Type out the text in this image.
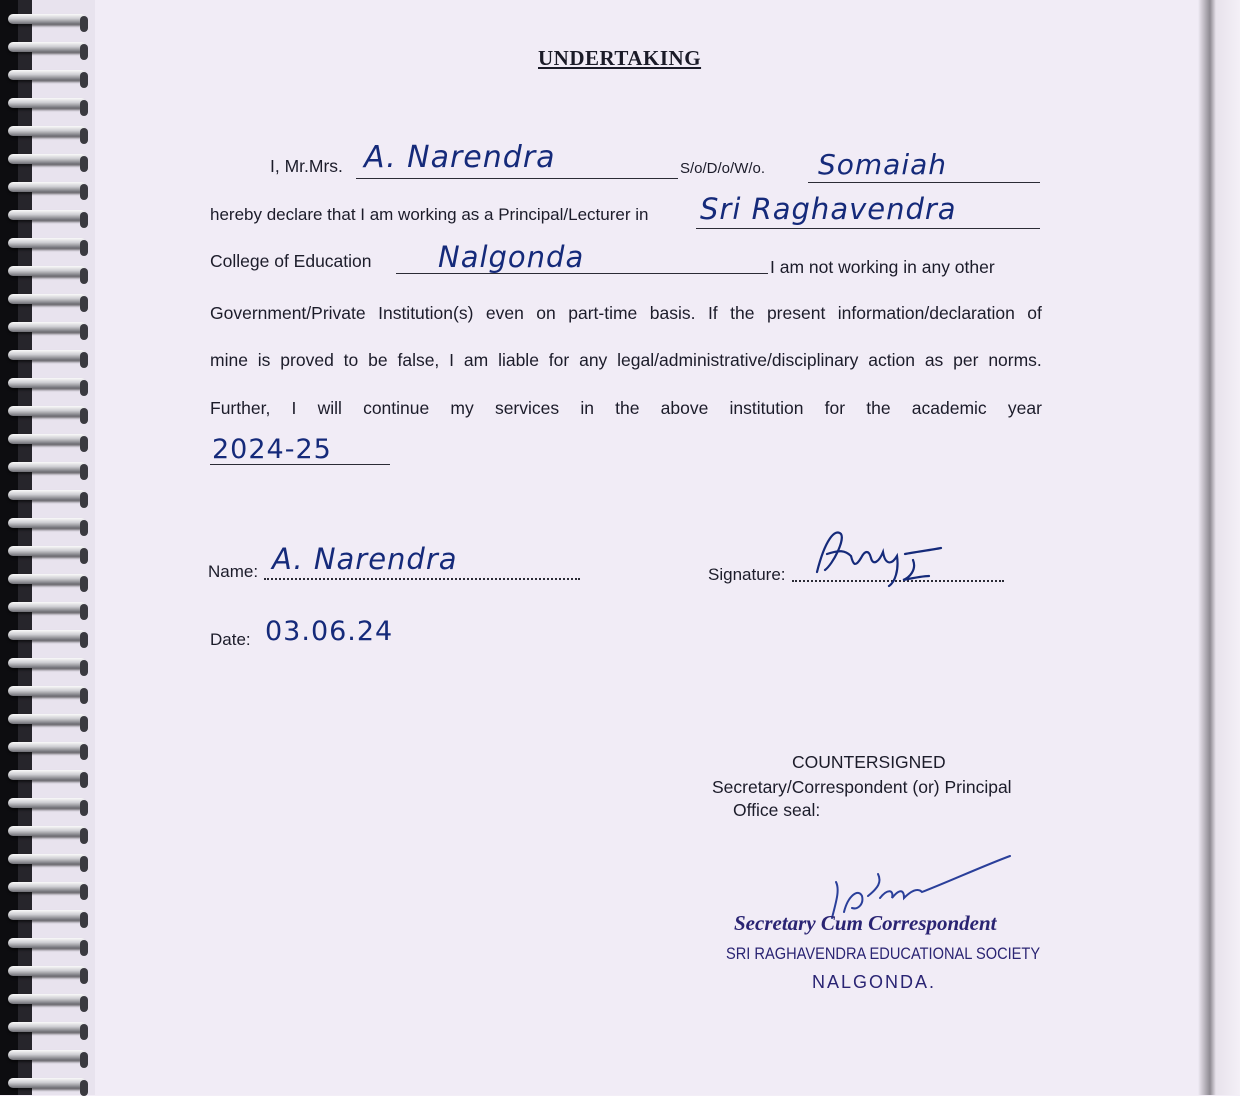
UNDERTAKING
I, Mr.Mrs. A. Narendra	S/o/D/o/W/o. Somaiah
hereby declare that I am working as a Principal/Lecturer in Sri Raghavendra
College of Education Nalgonda	I am not working in any other
Government/Private Institution(s) even on part-time basis. If the present information/declaration of
mine is proved to be false, I am liable for any legal/administrative/disciplinary action as per norms.
Further, I will continue my services in the above institution for the academic year
2024-25
Name: A. Narendra	Signature:
Date: 03.06.24
COUNTERSIGNED
Secretary/Correspondent (or) Principal
Office seal:
Secretary Cum Correspondent
SRI RAGHAVENDRA EDUCATIONAL SOCIETY
NALGONDA.
